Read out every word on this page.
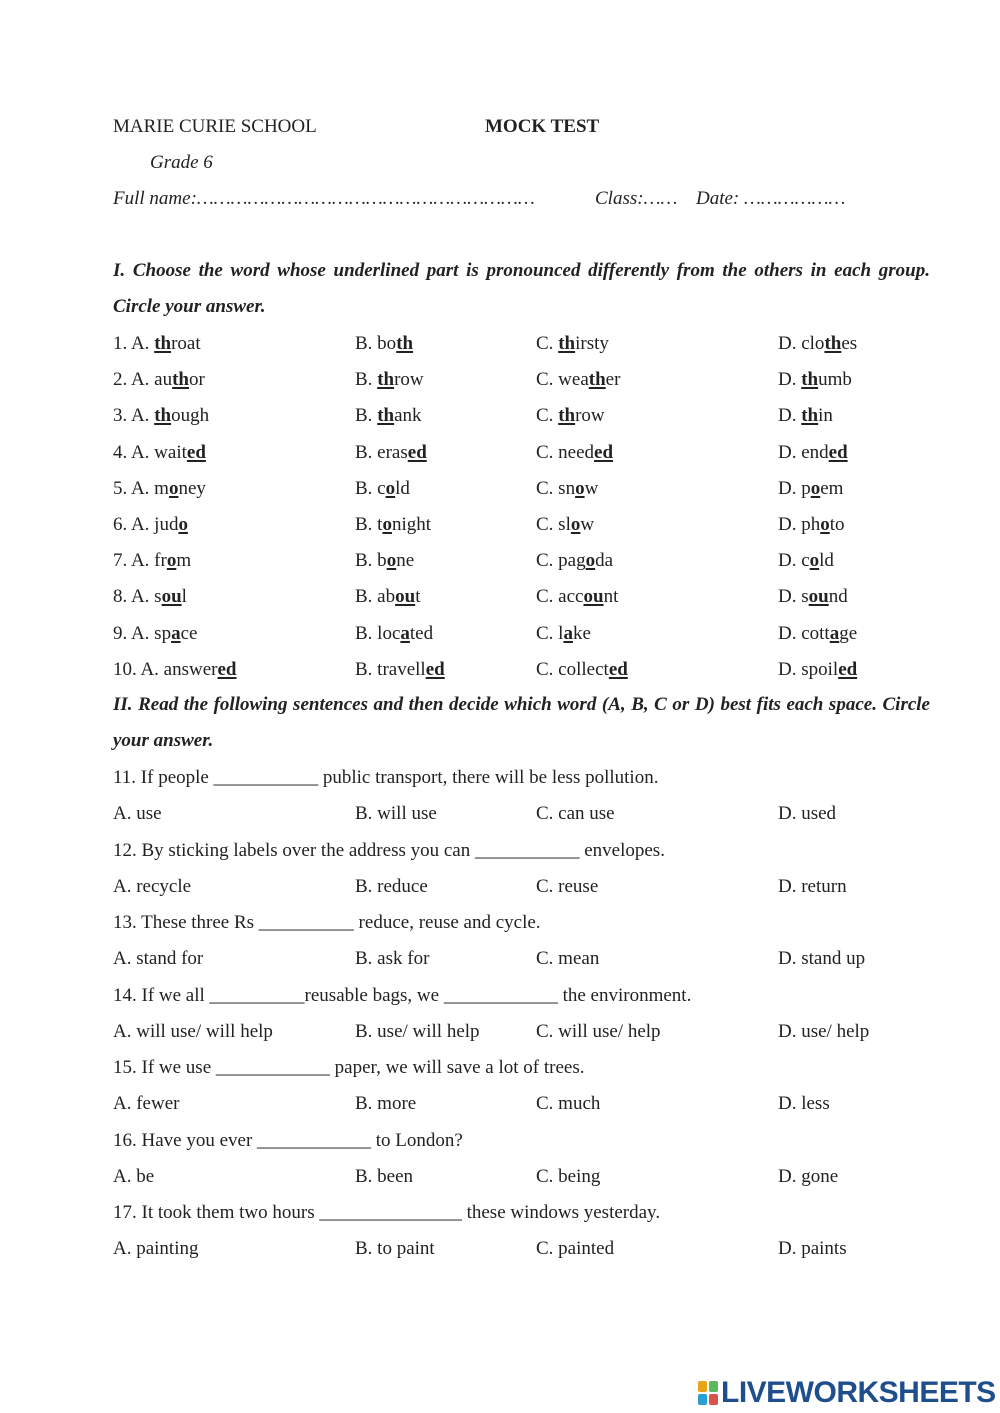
MARIE CURIE SCHOOL	MOCK TEST
Grade 6
Full name:……………………………………………………	Class:…… Date: ………………
I. Choose the word whose underlined part is pronounced differently from the others in each group. Circle your answer.
1. A. throat	B. both	C. thirsty	D. clothes
2. A. author	B. throw	C. weather	D. thumb
3. A. though	B. thank	C. throw	D. thin
4. A. waited	B. erased	C. needed	D. ended
5. A. money	B. cold	C. snow	D. poem
6. A. judo	B. tonight	C. slow	D. photo
7. A. from	B. bone	C. pagoda	D. cold
8. A. soul	B. about	C. account	D. sound
9. A. space	B. located	C. lake	D. cottage
10. A. answered	B. travelled	C. collected	D. spoiled
II. Read the following sentences and then decide which word (A, B, C or D) best fits each space. Circle your answer.
11. If people ___________ public transport, there will be less pollution.
A. use	B. will use	C. can use	D. used
12. By sticking labels over the address you can ___________ envelopes.
A. recycle	B. reduce	C. reuse	D. return
13. These three Rs __________ reduce, reuse and cycle.
A. stand for	B. ask for	C. mean	D. stand up
14. If we all __________reusable bags, we ____________ the environment.
A. will use/ will help	B. use/ will help	C. will use/ help	D. use/ help
15. If we use ____________ paper, we will save a lot of trees.
A. fewer	B. more	C. much	D. less
16. Have you ever ____________ to London?
A. be	B. been	C. being	D. gone
17. It took them two hours _______________ these windows yesterday.
A. painting	B. to paint	C. painted	D. paints
LIVEWORKSHEETS
